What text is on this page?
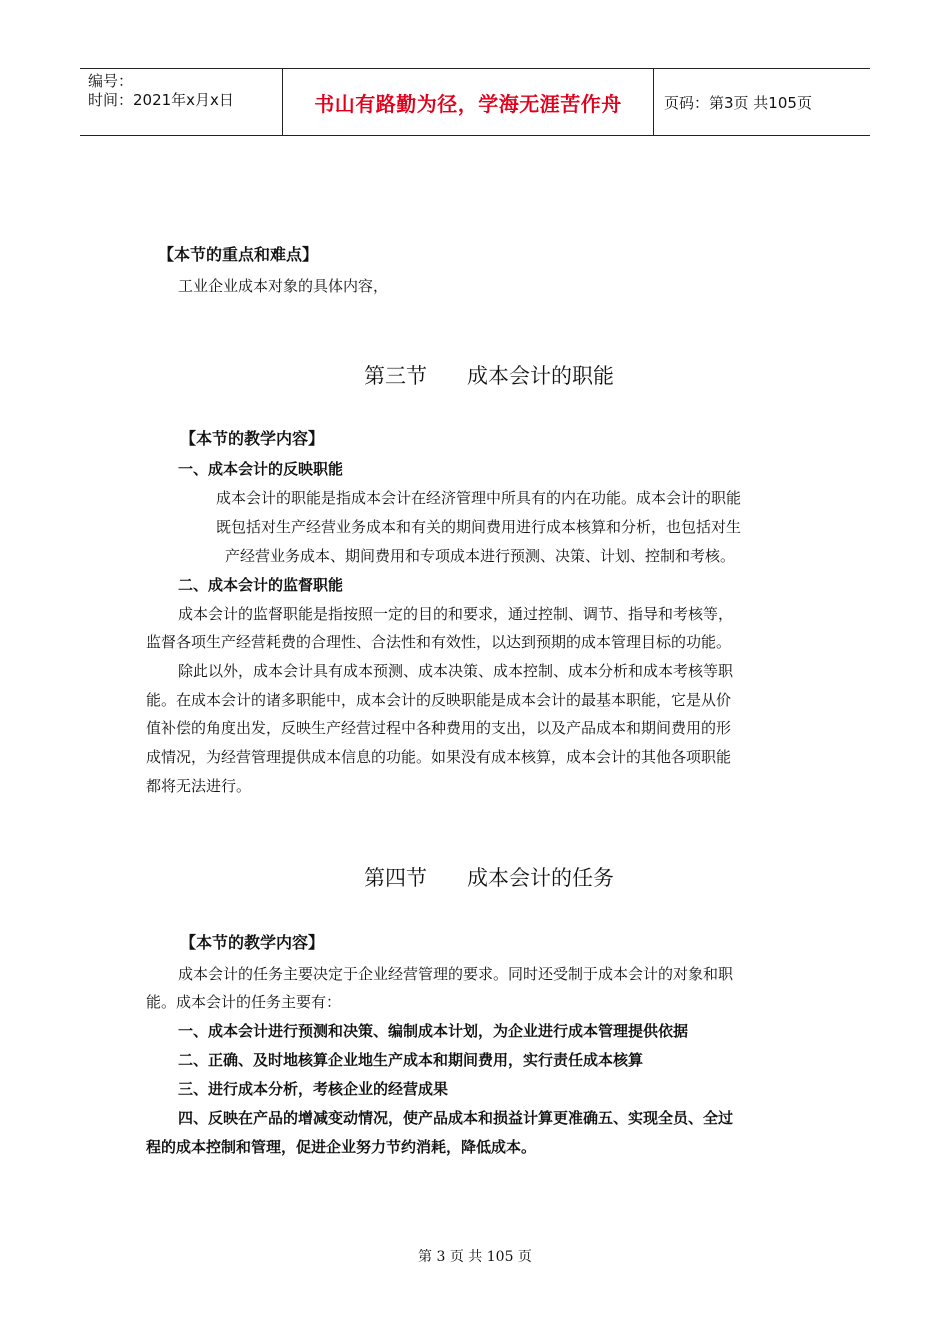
编号：
时间：2021年x月x日	书山有路勤为径，学海无涯苦作舟	页码：第3页 共105页
【本节的重点和难点】
工业企业成本对象的具体内容，
第三节      成本会计的职能
【本节的教学内容】
一、成本会计的反映职能
成本会计的职能是指成本会计在经济管理中所具有的内在功能。成本会计的职能
既包括对生产经营业务成本和有关的期间费用进行成本核算和分析，也包括对生
产经营业务成本、期间费用和专项成本进行预测、决策、计划、控制和考核。
二、成本会计的监督职能
成本会计的监督职能是指按照一定的目的和要求，通过控制、调节、指导和考核等，
监督各项生产经营耗费的合理性、合法性和有效性，以达到预期的成本管理目标的功能。
除此以外，成本会计具有成本预测、成本决策、成本控制、成本分析和成本考核等职
能。在成本会计的诸多职能中，成本会计的反映职能是成本会计的最基本职能，它是从价
值补偿的角度出发，反映生产经营过程中各种费用的支出，以及产品成本和期间费用的形
成情况，为经营管理提供成本信息的功能。如果没有成本核算，成本会计的其他各项职能
都将无法进行。
第四节      成本会计的任务
【本节的教学内容】
成本会计的任务主要决定于企业经营管理的要求。同时还受制于成本会计的对象和职
能。成本会计的任务主要有：
一、成本会计进行预测和决策、编制成本计划，为企业进行成本管理提供依据
二、正确、及时地核算企业地生产成本和期间费用，实行责任成本核算
三、进行成本分析，考核企业的经营成果
四、反映在产品的增减变动情况，使产品成本和损益计算更准确五、实现全员、全过
程的成本控制和管理，促进企业努力节约消耗，降低成本。
第 3 页 共 105 页
